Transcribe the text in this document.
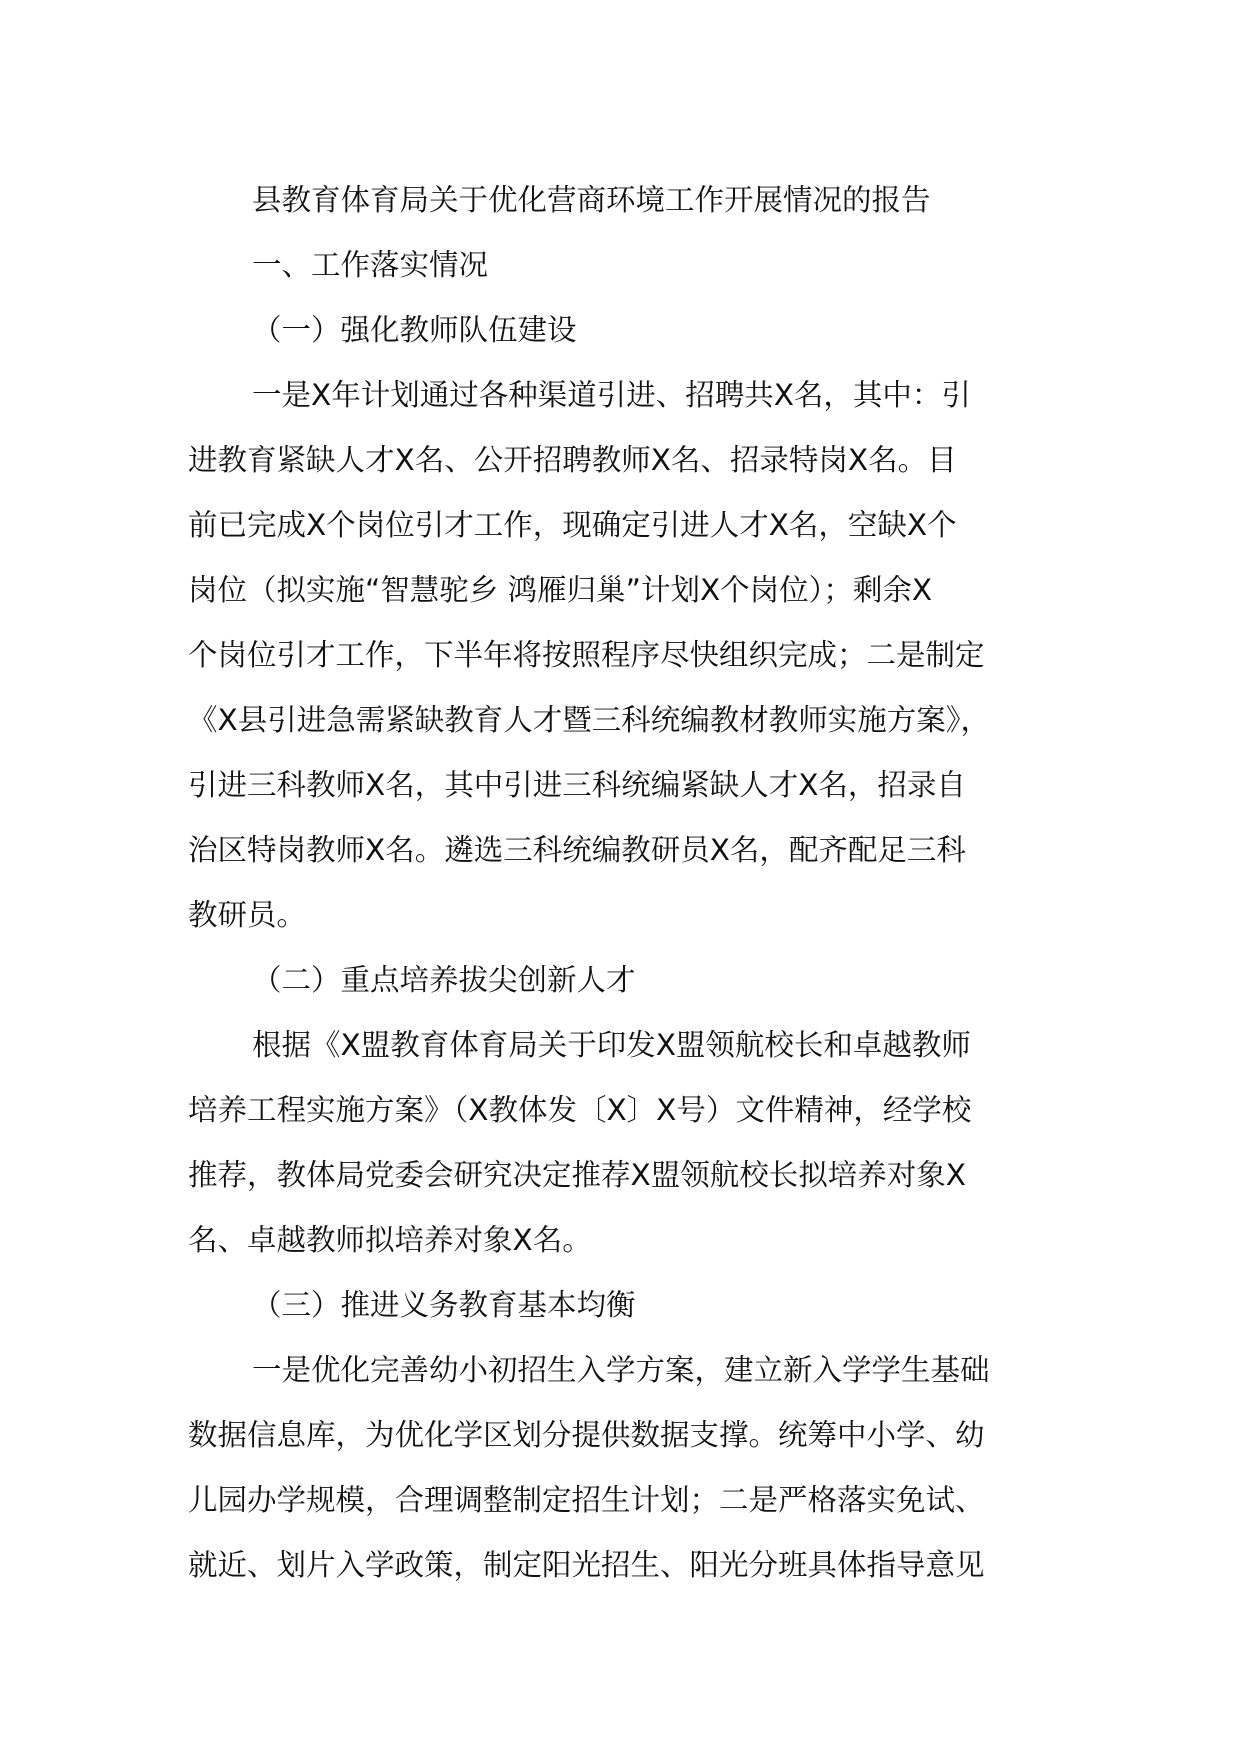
县教育体育局关于优化营商环境工作开展情况的报告
一、工作落实情况
（一）强化教师队伍建设
一是X年计划通过各种渠道引进、招聘共X名，其中：引
进教育紧缺人才X名、公开招聘教师X名、招录特岗X名。目
前已完成X个岗位引才工作，现确定引进人才X名，空缺X个
岗位（拟实施“智慧驼乡 鸿雁归巢”计划X个岗位）；剩余X
个岗位引才工作，下半年将按照程序尽快组织完成；二是制定
《X县引进急需紧缺教育人才暨三科统编教材教师实施方案》，
引进三科教师X名，其中引进三科统编紧缺人才X名，招录自
治区特岗教师X名。遴选三科统编教研员X名，配齐配足三科
教研员。
（二）重点培养拔尖创新人才
根据《X盟教育体育局关于印发X盟领航校长和卓越教师
培养工程实施方案》（X教体发〔X〕X号）文件精神，经学校
推荐，教体局党委会研究决定推荐X盟领航校长拟培养对象X
名、卓越教师拟培养对象X名。
（三）推进义务教育基本均衡
一是优化完善幼小初招生入学方案，建立新入学学生基础
数据信息库，为优化学区划分提供数据支撑。统筹中小学、幼
儿园办学规模，合理调整制定招生计划；二是严格落实免试、
就近、划片入学政策，制定阳光招生、阳光分班具体指导意见
